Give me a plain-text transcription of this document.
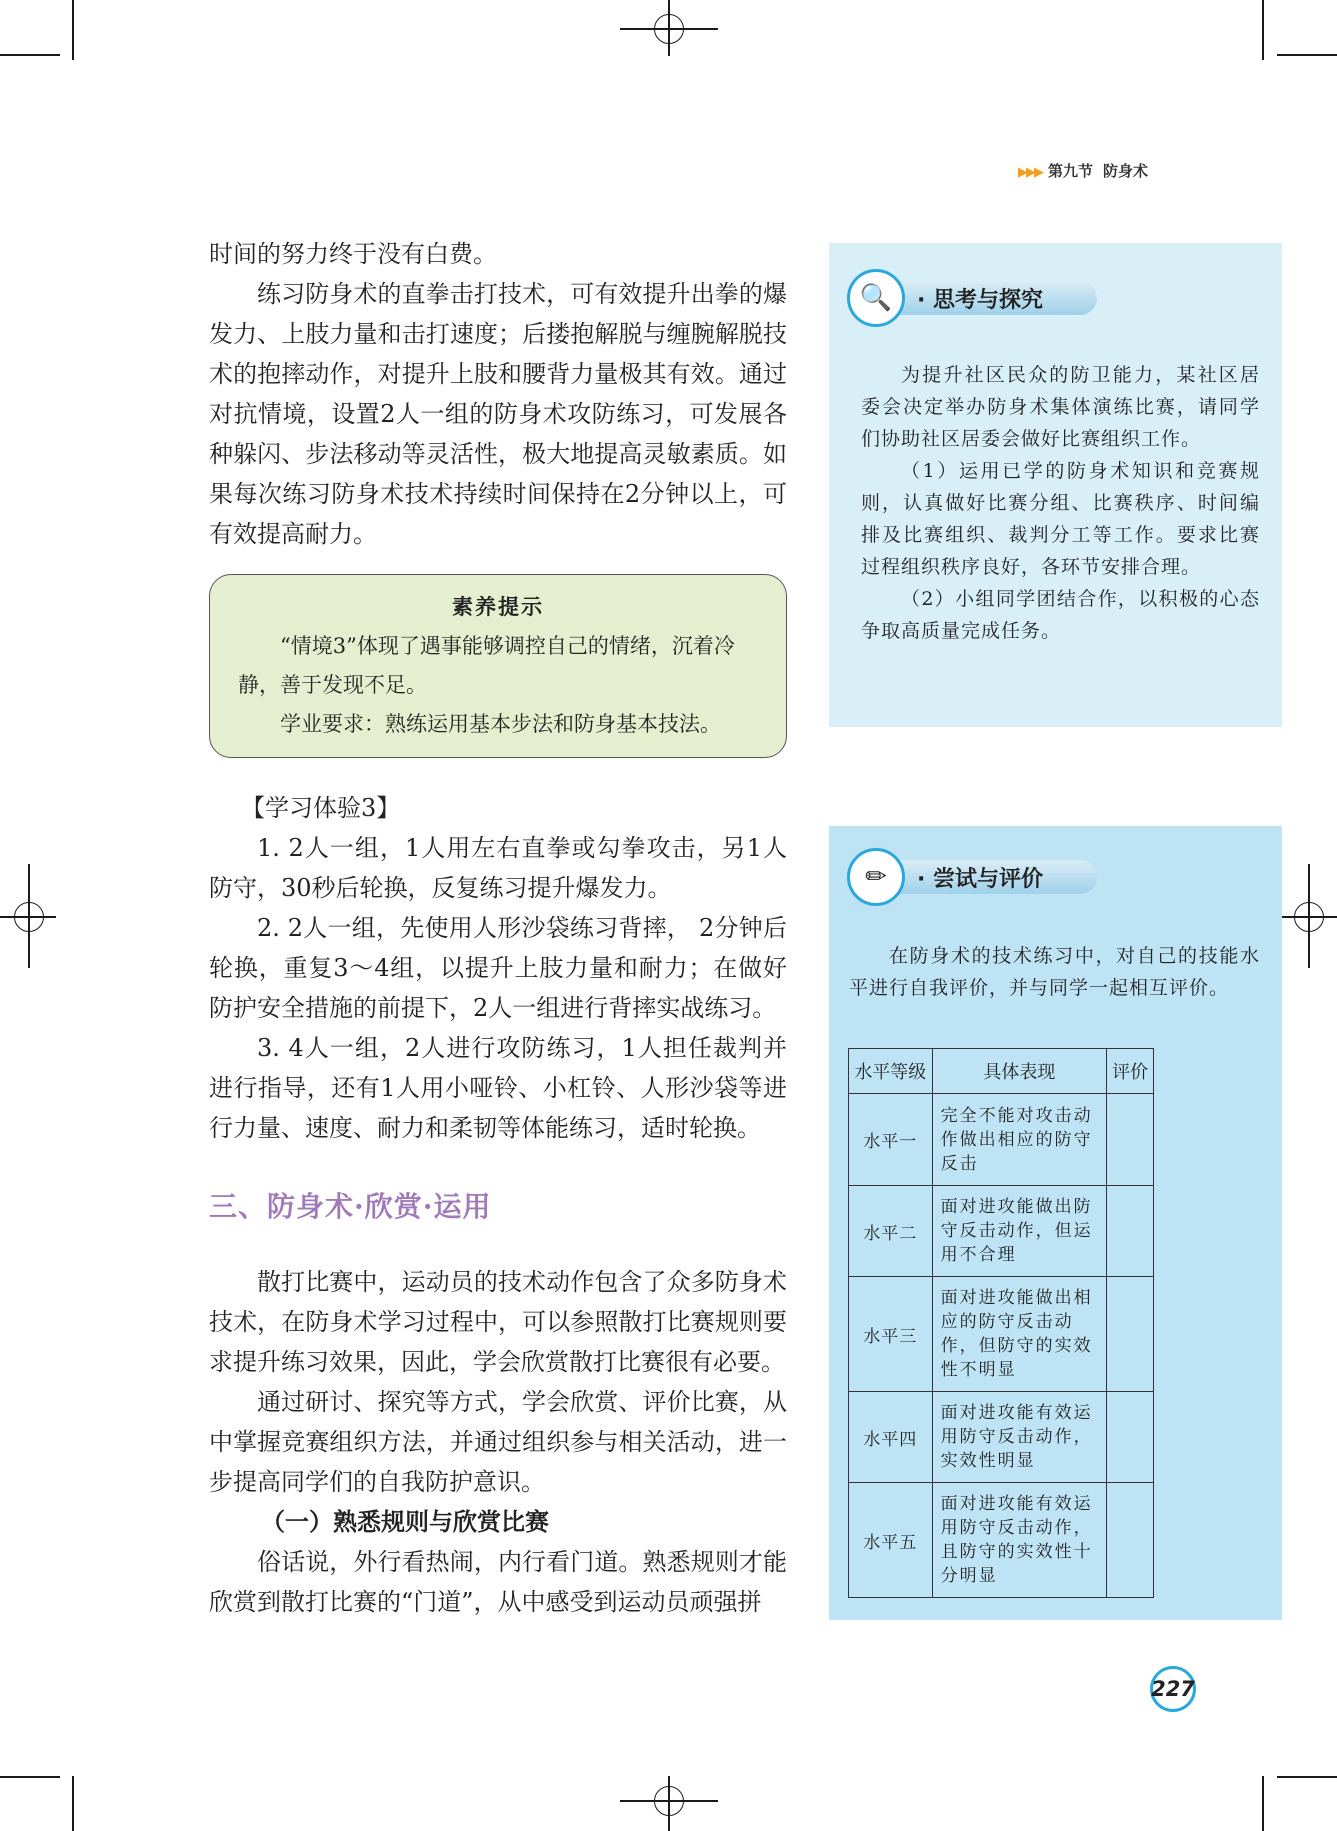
▶▶▶ 第九节 防身术

时间的努力终于没有白费。

练习防身术的直拳击打技术，可有效提升出拳的爆发力、上肢力量和击打速度；后搂抱解脱与缠腕解脱技术的抱摔动作，对提升上肢和腰背力量极其有效。通过对抗情境，设置2人一组的防身术攻防练习，可发展各种躲闪、步法移动等灵活性，极大地提高灵敏素质。如果每次练习防身术技术持续时间保持在2分钟以上，可有效提高耐力。

素养提示

“情境3”体现了遇事能够调控自己的情绪，沉着冷静，善于发现不足。

学业要求：熟练运用基本步法和防身基本技法。

【学习体验3】

1. 2人一组，1人用左右直拳或勾拳攻击，另1人防守，30秒后轮换，反复练习提升爆发力。

2. 2人一组，先使用人形沙袋练习背摔， 2分钟后轮换，重复3～4组，以提升上肢力量和耐力；在做好防护安全措施的前提下，2人一组进行背摔实战练习。

3. 4人一组，2人进行攻防练习，1人担任裁判并进行指导，还有1人用小哑铃、小杠铃、人形沙袋等进行力量、速度、耐力和柔韧等体能练习，适时轮换。

三、防身术·欣赏·运用

散打比赛中，运动员的技术动作包含了众多防身术技术，在防身术学习过程中，可以参照散打比赛规则要求提升练习效果，因此，学会欣赏散打比赛很有必要。

通过研讨、探究等方式，学会欣赏、评价比赛，从中掌握竞赛组织方法，并通过组织参与相关活动，进一步提高同学们的自我防护意识。

（一）熟悉规则与欣赏比赛

俗话说，外行看热闹，内行看门道。熟悉规则才能欣赏到散打比赛的“门道”，从中感受到运动员顽强拼

🔍	· 思考与探究

为提升社区民众的防卫能力，某社区居委会决定举办防身术集体演练比赛，请同学们协助社区居委会做好比赛组织工作。

（1）运用已学的防身术知识和竞赛规则，认真做好比赛分组、比赛秩序、时间编排及比赛组织、裁判分工等工作。要求比赛过程组织秩序良好，各环节安排合理。

（2）小组同学团结合作，以积极的心态争取高质量完成任务。

✏	· 尝试与评价

在防身术的技术练习中，对自己的技能水平进行自我评价，并与同学一起相互评价。

水平等级	具体表现	评价
水平一	完全不能对攻击动作做出相应的防守反击	
水平二	面对进攻能做出防守反击动作，但运用不合理	
水平三	面对进攻能做出相应的防守反击动作，但防守的实效性不明显	
水平四	面对进攻能有效运用防守反击动作，实效性明显	
水平五	面对进攻能有效运用防守反击动作，且防守的实效性十分明显	
227
